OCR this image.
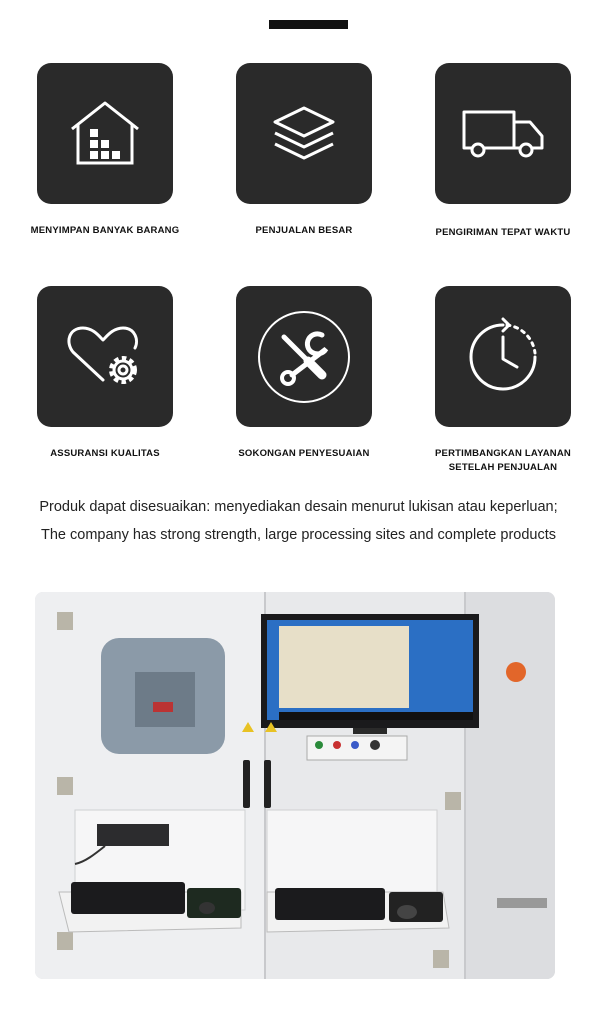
MENYIMPAN BANYAK BARANG	PENJUALAN BESAR	PENGIRIMAN TEPAT WAKTU
ASSURANSI KUALITAS	SOKONGAN PENYESUAIAN	PERTIMBANGKAN LAYANAN SETELAH PENJUALAN
Produk dapat disesuaikan: menyediakan desain menurut lukisan atau keperluan;
The company has strong strength, large processing sites and complete products
